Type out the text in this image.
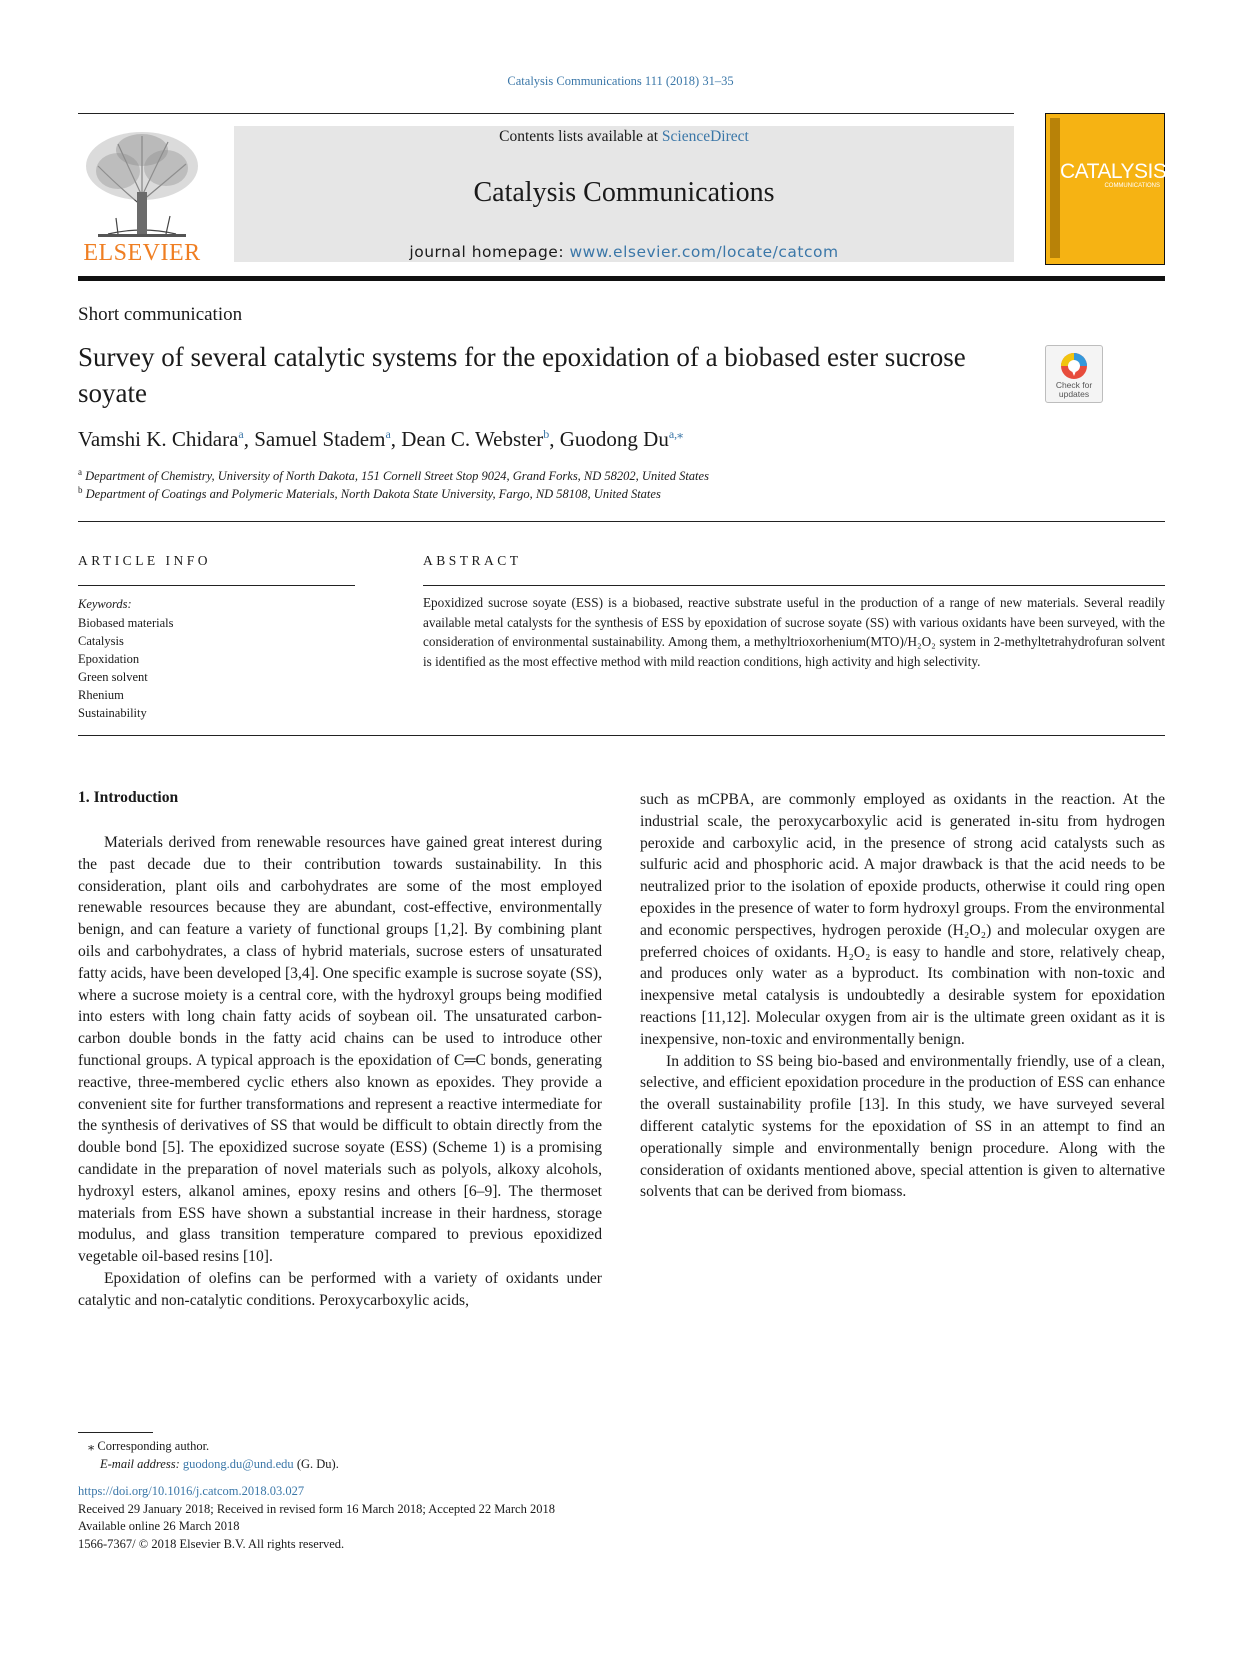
Catalysis Communications 111 (2018) 31–35
ELSEVIER
Contents lists available at ScienceDirect
Catalysis Communications
journal homepage: www.elsevier.com/locate/catcom
CATALYSIS
COMMUNICATIONS
Short communication
Survey of several catalytic systems for the epoxidation of a biobased ester sucrose soyate	Check for updates
Vamshi K. Chidara$^a$, Samuel Stadem$^a$, Dean C. Webster$^b$, Guodong $Du^{a,⁎}$
$^a$ Department of Chemistry, University of North Dakota, 151 Cornell Street Stop 9024, Grand Forks, ND 58202, United States
$^b$ Department of Coatings and Polymeric Materials, North Dakota State University, Fargo, ND 58108, United States
ARTICLE INFO	ABSTRACT
Keywords:
Biobased materials
Catalysis
Epoxidation
Green solvent
Rhenium
Sustainability
Epoxidized sucrose soyate (ESS) is a biobased, reactive substrate useful in the production of a range of new materials. Several readily available metal catalysts for the synthesis of ESS by epoxidation of sucrose soyate (SS) with various oxidants have been surveyed, with the consideration of environmental sustainability. Among them, a methyltrioxorhenium(MTO)/H₂O₂ system in 2-methyltetrahydrofuran solvent is identified as the most effective method with mild reaction conditions, high activity and high selectivity.
1. Introduction

Materials derived from renewable resources have gained great interest during the past decade due to their contribution towards sustainability. In this consideration, plant oils and carbohydrates are some of the most employed renewable resources because they are abundant, cost-effective, environmentally benign, and can feature a variety of functional groups [1,2]. By combining plant oils and carbohydrates, a class of hybrid materials, sucrose esters of unsaturated fatty acids, have been developed [3,4]. One specific example is sucrose soyate (SS), where a sucrose moiety is a central core, with the hydroxyl groups being modified into esters with long chain fatty acids of soybean oil. The unsaturated carbon-carbon double bonds in the fatty acid chains can be used to introduce other functional groups. A typical approach is the epoxidation of C═C bonds, generating reactive, three-membered cyclic ethers also known as epoxides. They provide a convenient site for further transformations and represent a reactive intermediate for the synthesis of derivatives of SS that would be difficult to obtain directly from the double bond [5]. The epoxidized sucrose soyate (ESS) (Scheme 1) is a promising candidate in the preparation of novel materials such as polyols, alkoxy alcohols, hydroxyl esters, alkanol amines, epoxy resins and others [6–9]. The thermoset materials from ESS have shown a substantial increase in their hardness, storage modulus, and glass transition temperature compared to previous epoxidized vegetable oil-based resins [10].

Epoxidation of olefins can be performed with a variety of oxidants under catalytic and non-catalytic conditions. Peroxycarboxylic acids,

such as mCPBA, are commonly employed as oxidants in the reaction. At the industrial scale, the peroxycarboxylic acid is generated in-situ from hydrogen peroxide and carboxylic acid, in the presence of strong acid catalysts such as sulfuric acid and phosphoric acid. A major drawback is that the acid needs to be neutralized prior to the isolation of epoxide products, otherwise it could ring open epoxides in the presence of water to form hydroxyl groups. From the environmental and economic perspectives, hydrogen peroxide (H₂O₂) and molecular oxygen are preferred choices of oxidants. H₂O₂ is easy to handle and store, relatively cheap, and produces only water as a byproduct. Its combination with non-toxic and inexpensive metal catalysis is undoubtedly a desirable system for epoxidation reactions [11,12]. Molecular oxygen from air is the ultimate green oxidant as it is inexpensive, non-toxic and environmentally benign.

In addition to SS being bio-based and environmentally friendly, use of a clean, selective, and efficient epoxidation procedure in the production of ESS can enhance the overall sustainability profile [13]. In this study, we have surveyed several different catalytic systems for the epoxidation of SS in an attempt to find an operationally simple and environmentally benign procedure. Along with the consideration of oxidants mentioned above, special attention is given to alternative solvents that can be derived from biomass.

⁎ Corresponding author.
E-mail address: guodong.du@und.edu (G. Du).
https://doi.org/10.1016/j.catcom.2018.03.027
Received 29 January 2018; Received in revised form 16 March 2018; Accepted 22 March 2018
Available online 26 March 2018
1566-7367/ © 2018 Elsevier B.V. All rights reserved.
